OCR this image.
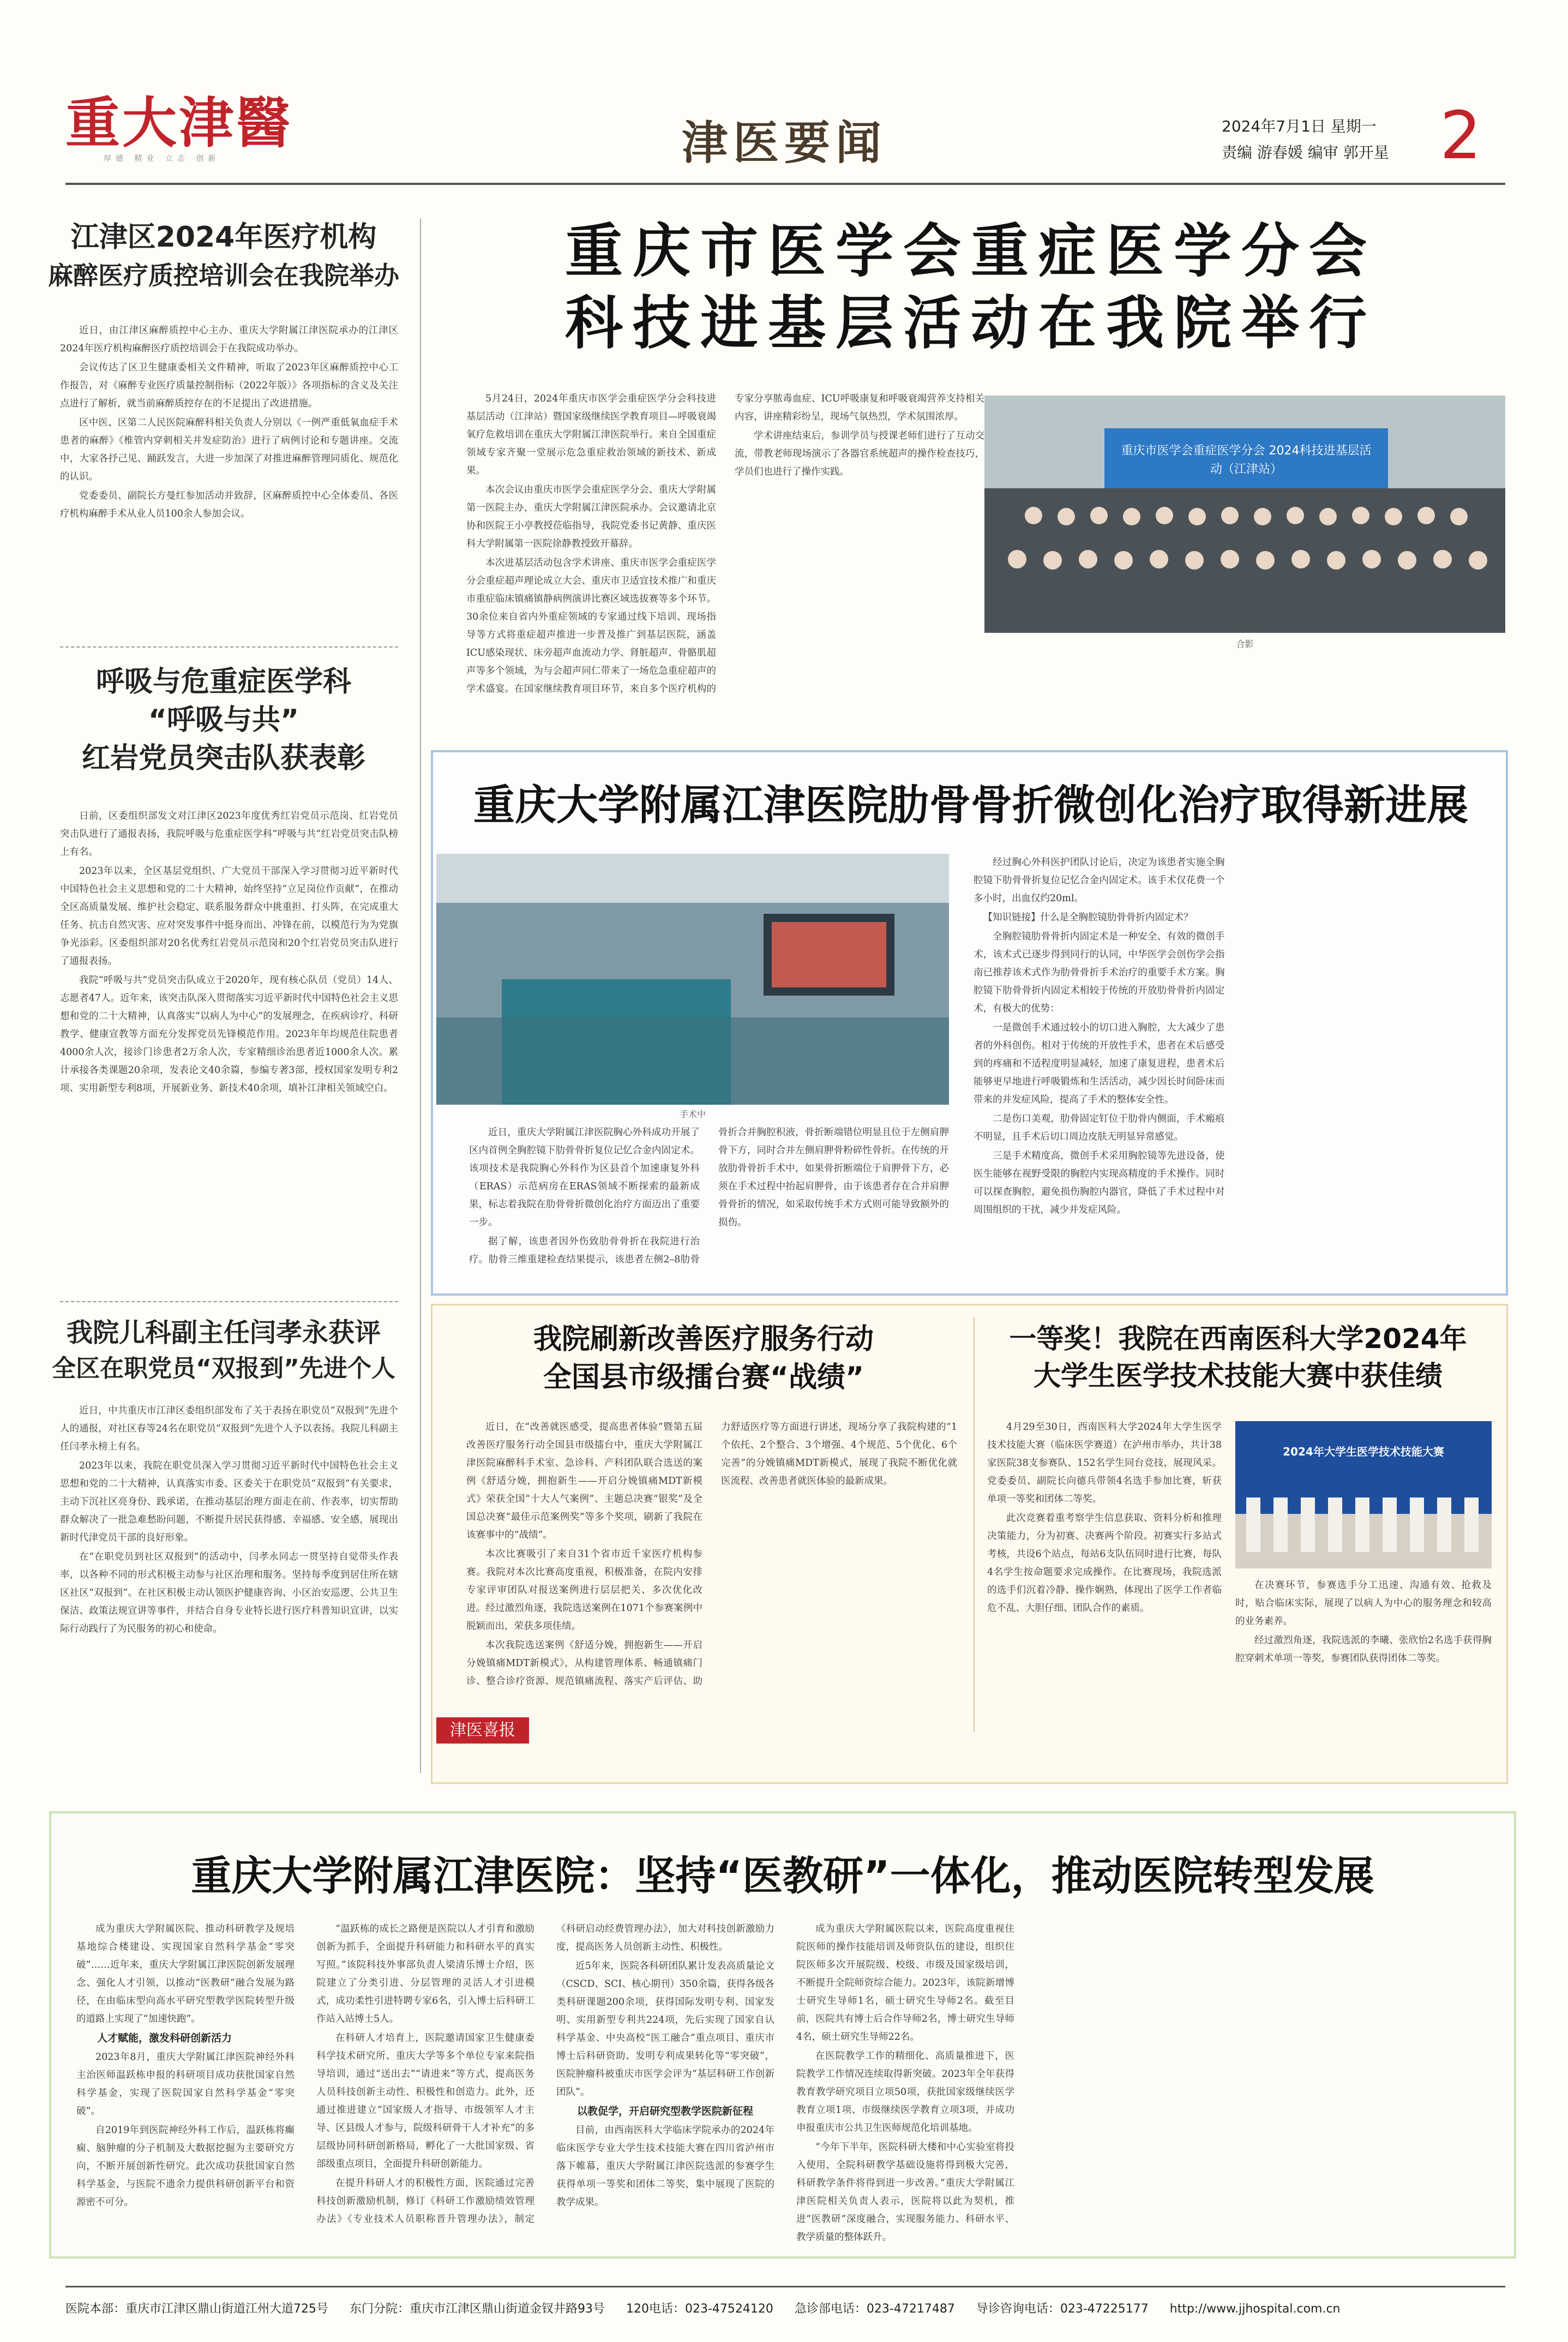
重大津醫
厚德 精业 立志 创新	津医要闻	2024年7月1日 星期一
责编 游春媛 编审 郭开星 2
江津区2024年医疗机构
麻醉医疗质控培训会在我院举办

近日，由江津区麻醉质控中心主办、重庆大学附属江津医院承办的江津区2024年医疗机构麻醉医疗质控培训会于在我院成功举办。

会议传达了区卫生健康委相关文件精神，听取了2023年区麻醉质控中心工作报告，对《麻醉专业医疗质量控制指标（2022年版）》各项指标的含义及关注点进行了解析，就当前麻醉质控存在的不足提出了改进措施。

区中医、区第二人民医院麻醉科相关负责人分别以《一例严重低氧血症手术患者的麻醉》《椎管内穿刺相关并发症防治》进行了病例讨论和专题讲座。交流中，大家各抒己见、踊跃发言，大进一步加深了对推进麻醉管理同质化、规范化的认识。

党委委员、副院长方曼红参加活动并致辞，区麻醉质控中心全体委员、各医疗机构麻醉手术从业人员100余人参加会议。

呼吸与危重症医学科
“呼吸与共”
红岩党员突击队获表彰

日前，区委组织部发文对江津区2023年度优秀红岩党员示范岗、红岩党员突击队进行了通报表扬，我院呼吸与危重症医学科“呼吸与共”红岩党员突击队榜上有名。

2023年以来，全区基层党组织、广大党员干部深入学习贯彻习近平新时代中国特色社会主义思想和党的二十大精神，始终坚持“立足岗位作贡献”，在推动全区高质量发展、维护社会稳定、联系服务群众中挑重担、打头阵，在完成重大任务、抗击自然灾害、应对突发事件中挺身而出、冲锋在前，以模范行为为党旗争光添彩。区委组织部对20名优秀红岩党员示范岗和20个红岩党员突击队进行了通报表扬。

我院“呼吸与共”党员突击队成立于2020年，现有核心队员（党员）14人、志愿者47人。近年来，该突击队深入贯彻落实习近平新时代中国特色社会主义思想和党的二十大精神，认真落实“以病人为中心”的发展理念，在疾病诊疗、科研教学、健康宣教等方面充分发挥党员先锋模范作用。2023年年均规范住院患者4000余人次，接诊门诊患者2万余人次，专家精细诊治患者近1000余人次。累计承接各类课题20余项，发表论文40余篇，参编专著3部，授权国家发明专利2项、实用新型专利8项，开展新业务、新技术40余项，填补江津相关领域空白。

我院儿科副主任闫孝永获评
全区在职党员“双报到”先进个人

近日，中共重庆市江津区委组织部发布了关于表扬在职党员“双报到”先进个人的通报，对社区春等24名在职党员“双报到”先进个人予以表扬。我院儿科副主任闫孝永榜上有名。

2023年以来，我院在职党员深入学习贯彻习近平新时代中国特色社会主义思想和党的二十大精神，认真落实市委、区委关于在职党员“双报到”有关要求，主动下沉社区亮身份、践承诺，在推动基层治理方面走在前、作表率，切实帮助群众解决了一批急难愁盼问题，不断提升居民获得感、幸福感、安全感，展现出新时代津党员干部的良好形象。

在“在职党员到社区双报到”的活动中，闫孝永同志一贯坚持自觉带头作表率，以各种不同的形式积极主动参与社区治理和服务。坚持每季度到居住所在辖区社区“双报到”。在社区积极主动认领医护健康咨询、小区治安巡逻、公共卫生保洁、政策法规宣讲等事件，并结合自身专业特长进行医疗科普知识宣讲，以实际行动践行了为民服务的初心和使命。

重庆市医学会重症医学分会
科技进基层活动在我院举行

5月24日，2024年重庆市医学会重症医学分会科技进基层活动（江津站）暨国家级继续医学教育项目—呼吸衰竭氧疗危救培训在重庆大学附属江津医院举行。来自全国重症领域专家齐聚一堂展示危急重症救治领域的新技术、新成果。

本次会议由重庆市医学会重症医学分会、重庆大学附属第一医院主办，重庆大学附属江津医院承办。会议邀请北京协和医院王小亭教授莅临指导，我院党委书记黄静、重庆医科大学附属第一医院徐静教授致开幕辞。

本次进基层活动包含学术讲座、重庆市医学会重症医学分会重症超声理论成立大会、重庆市卫适宜技术推广和重庆市重症临床镇痛镇静病例演讲比赛区域选拔赛等多个环节。30余位来自省内外重症领域的专家通过线下培训、现场指导等方式将重症超声推进一步普及推广到基层医院，涵盖ICU感染现状、床旁超声血流动力学、肾脏超声、骨骼肌超声等多个领域，为与会超声同仁带来了一场危急重症超声的学术盛宴。在国家继续教育项目环节，来自多个医疗机构的专家分享脓毒血症、ICU呼吸康复和呼吸衰竭营养支持相关内容，讲座精彩纷呈，现场气氛热烈，学术氛围浓厚。

学术讲座结束后，参训学员与授课老师们进行了互动交流，带教老师现场演示了各器官系统超声的操作检查技巧，学员们也进行了操作实践。

重庆市医学会重症医学分会 2024科技进基层活动（江津站）
合影
重庆大学附属江津医院肋骨骨折微创化治疗取得新进展
手术中

近日，重庆大学附属江津医院胸心外科成功开展了区内首例全胸腔镜下肋骨骨折复位记忆合金内固定术。该项技术是我院胸心外科作为区县首个加速康复外科（ERAS）示范病房在ERAS领域不断探索的最新成果，标志着我院在肋骨骨折微创化治疗方面迈出了重要一步。

据了解，该患者因外伤致肋骨骨折在我院进行治疗。肋骨三维重建检查结果提示，该患者左侧2–8肋骨骨折合并胸腔积液，骨折断端错位明显且位于左侧肩胛骨下方，同时合并左侧肩胛骨粉碎性骨折。在传统的开放肋骨骨折手术中，如果骨折断端位于肩胛骨下方，必须在手术过程中抬起肩胛骨，由于该患者存在合并肩胛骨骨折的情况，如采取传统手术方式则可能导致额外的损伤。

经过胸心外科医护团队讨论后，决定为该患者实施全胸腔镜下肋骨骨折复位记忆合金内固定术。该手术仅花费一个多小时，出血仅约20ml。

【知识链接】什么是全胸腔镜肋骨骨折内固定术？

全胸腔镜肋骨骨折内固定术是一种安全、有效的微创手术，该术式已逐步得到同行的认同，中华医学会创伤学会指南已推荐该术式作为肋骨骨折手术治疗的重要手术方案。胸腔镜下肋骨骨折内固定术相较于传统的开放肋骨骨折内固定术，有极大的优势：

一是微创手术通过较小的切口进入胸腔，大大减少了患者的外科创伤。相对于传统的开放性手术，患者在术后感受到的疼痛和不适程度明显减轻，加速了康复进程，患者术后能够更早地进行呼吸锻炼和生活活动，减少因长时间卧床而带来的并发症风险，提高了手术的整体安全性。

二是伤口美观，肋骨固定钉位于肋骨内侧面，手术瘢痕不明显，且手术后切口周边皮肤无明显异常感觉。

三是手术精度高，微创手术采用胸腔镜等先进设备，使医生能够在视野受限的胸腔内实现高精度的手术操作。同时可以探查胸腔，避免损伤胸腔内器官，降低了手术过程中对周围组织的干扰，减少并发症风险。

我院刷新改善医疗服务行动
全国县市级擂台赛“战绩”

近日，在“改善就医感受，提高患者体验”暨第五届改善医疗服务行动全国县市级擂台中，重庆大学附属江津医院麻醉科手术室、急诊科、产科团队联合选送的案例《舒适分娩，拥抱新生——开启分娩镇痛MDT新模式》荣获全国“十大人气案例”、主题总决赛“银奖”及全国总决赛“最佳示范案例奖”等多个奖项，刷新了我院在该赛事中的“战绩”。

本次比赛吸引了来自31个省市近千家医疗机构参赛。我院对本次比赛高度重视，积极准备，在院内安排专家评审团队对报送案例进行层层把关、多次优化改进。经过激烈角逐，我院选送案例在1071个参赛案例中脱颖而出，荣获多项佳绩。

本次我院选送案例《舒适分娩，拥抱新生——开启分娩镇痛MDT新模式》，从构建管理体系、畅通镇痛门诊、整合诊疗资源、规范镇痛流程、落实产后评估、助力舒适医疗等方面进行讲述，现场分享了我院构建的“1个依托、2个整合、3个增强、4个规范、5个优化、6个完善”的分娩镇痛MDT新模式，展现了我院不断优化就医流程、改善患者就医体验的最新成果。

一等奖！我院在西南医科大学2024年
大学生医学技术技能大赛中获佳绩

4月29至30日，西南医科大学2024年大学生医学技术技能大赛（临床医学赛道）在泸州市举办，共计38家医院38支参赛队、152名学生同台竞技，展现风采。党委委员、副院长向德兵带领4名选手参加比赛，斩获单项一等奖和团体二等奖。

此次竞赛着重考察学生信息获取、资料分析和推理决策能力，分为初赛、决赛两个阶段。初赛实行多站式考核，共设6个站点，每站6支队伍同时进行比赛，每队4名学生按命题要求完成操作。在比赛现场，我院选派的选手们沉着冷静、操作娴熟，体现出了医学工作者临危不乱、大胆仔细、团队合作的素质。

2024年大学生医学技术技能大赛

在决赛环节，参赛选手分工迅速、沟通有效、抢救及时，贴合临床实际，展现了以病人为中心的服务理念和较高的业务素养。

经过激烈角逐，我院选派的李曦、张欣怡2名选手获得胸腔穿刺术单项一等奖，参赛团队获得团体二等奖。

津医喜报
重庆大学附属江津医院：坚持“医教研”一体化，推动医院转型发展

成为重庆大学附属医院、推动科研教学及规培基地综合楼建设、实现国家自然科学基金“零突破”……近年来，重庆大学附属江津医院创新发展理念、强化人才引领，以推动“医教研”融合发展为路径，在由临床型向高水平研究型教学医院转型升级的道路上实现了“加速快跑”。

人才赋能，激发科研创新活力

2023年8月，重庆大学附属江津医院神经外科主治医师温跃栋申报的科研项目成功获批国家自然科学基金，实现了医院国家自然科学基金“零突破”。

自2019年到医院神经外科工作后，温跃栋将癫痫、脑肿瘤的分子机制及大数据挖掘为主要研究方向，不断开展创新性研究。此次成功获批国家自然科学基金，与医院不遗余力提供科研创新平台和资源密不可分。

“温跃栋的成长之路便是医院以人才引育和激励创新为抓手，全面提升科研能力和科研水平的真实写照。”该院科技外事部负责人梁清乐博士介绍，医院建立了分类引进、分层管理的灵活人才引进模式，成功柔性引进特聘专家6名，引入博士后科研工作站入站博士5人。

在科研人才培育上，医院邀请国家卫生健康委科学技术研究所、重庆大学等多个单位专家来院指导培训，通过“送出去”“请进来”等方式，提高医务人员科技创新主动性、积极性和创造力。此外，还通过推进建立“国家级人才指导、市级领军人才主导、区县级人才参与，院级科研骨干人才补充”的多层级协同科研创新格局，孵化了一大批国家级、省部级重点项目，全面提升科研创新能力。

在提升科研人才的积极性方面，医院通过完善科技创新激励机制，修订《科研工作激励绩效管理办法》《专业技术人员职称晋升管理办法》，制定《科研启动经费管理办法》，加大对科技创新激励力度，提高医务人员创新主动性、积极性。

近5年来，医院各科研团队累计发表高质量论文（CSCD、SCI、核心期刊）350余篇，获得各级各类科研课题200余项，获得国际发明专利、国家发明、实用新型专利共224项，先后实现了国家自认科学基金、中央高校“医工融合”重点项目、重庆市博士后科研资助、发明专利成果转化等“零突破”，医院肿瘤科被重庆市医学会评为“基层科研工作创新团队”。

以教促学，开启研究型教学医院新征程

目前，由西南医科大学临床学院承办的2024年临床医学专业大学生技术技能大赛在四川省泸州市落下帷幕，重庆大学附属江津医院选派的参赛学生获得单项一等奖和团体二等奖，集中展现了医院的教学成果。

成为重庆大学附属医院以来，医院高度重视住院医师的操作技能培训及师资队伍的建设，组织住院医师多次开展院级、校级、市级及国家级培训，不断提升全院师资综合能力。2023年，该院新增博士研究生导师1名，硕士研究生导师2名。截至目前，医院共有博士后合作导师2名，博士研究生导师4名，硕士研究生导师22名。

在医院教学工作的精细化、高质量推进下，医院教学工作情况连续取得新突破。2023年全年获得教育教学研究项目立项50项，获批国家级继续医学教育立项1项、市级继续医学教育立项3项，并成功申报重庆市公共卫生医师规范化培训基地。

“今年下半年，医院科研大楼和中心实验室将投入使用，全院科研教学基础设施将得到极大完善，科研教学条件将得到进一步改善。”重庆大学附属江津医院相关负责人表示，医院将以此为契机，推进“医教研”深度融合，实现服务能力、科研水平、教学质量的整体跃升。

医院本部：重庆市江津区鼎山街道江州大道725号 东门分院：重庆市江津区鼎山街道金钗井路93号 120电话：023-47524120 急诊部电话：023-47217487 导诊咨询电话：023-47225177 http://www.jjhospital.com.cn
